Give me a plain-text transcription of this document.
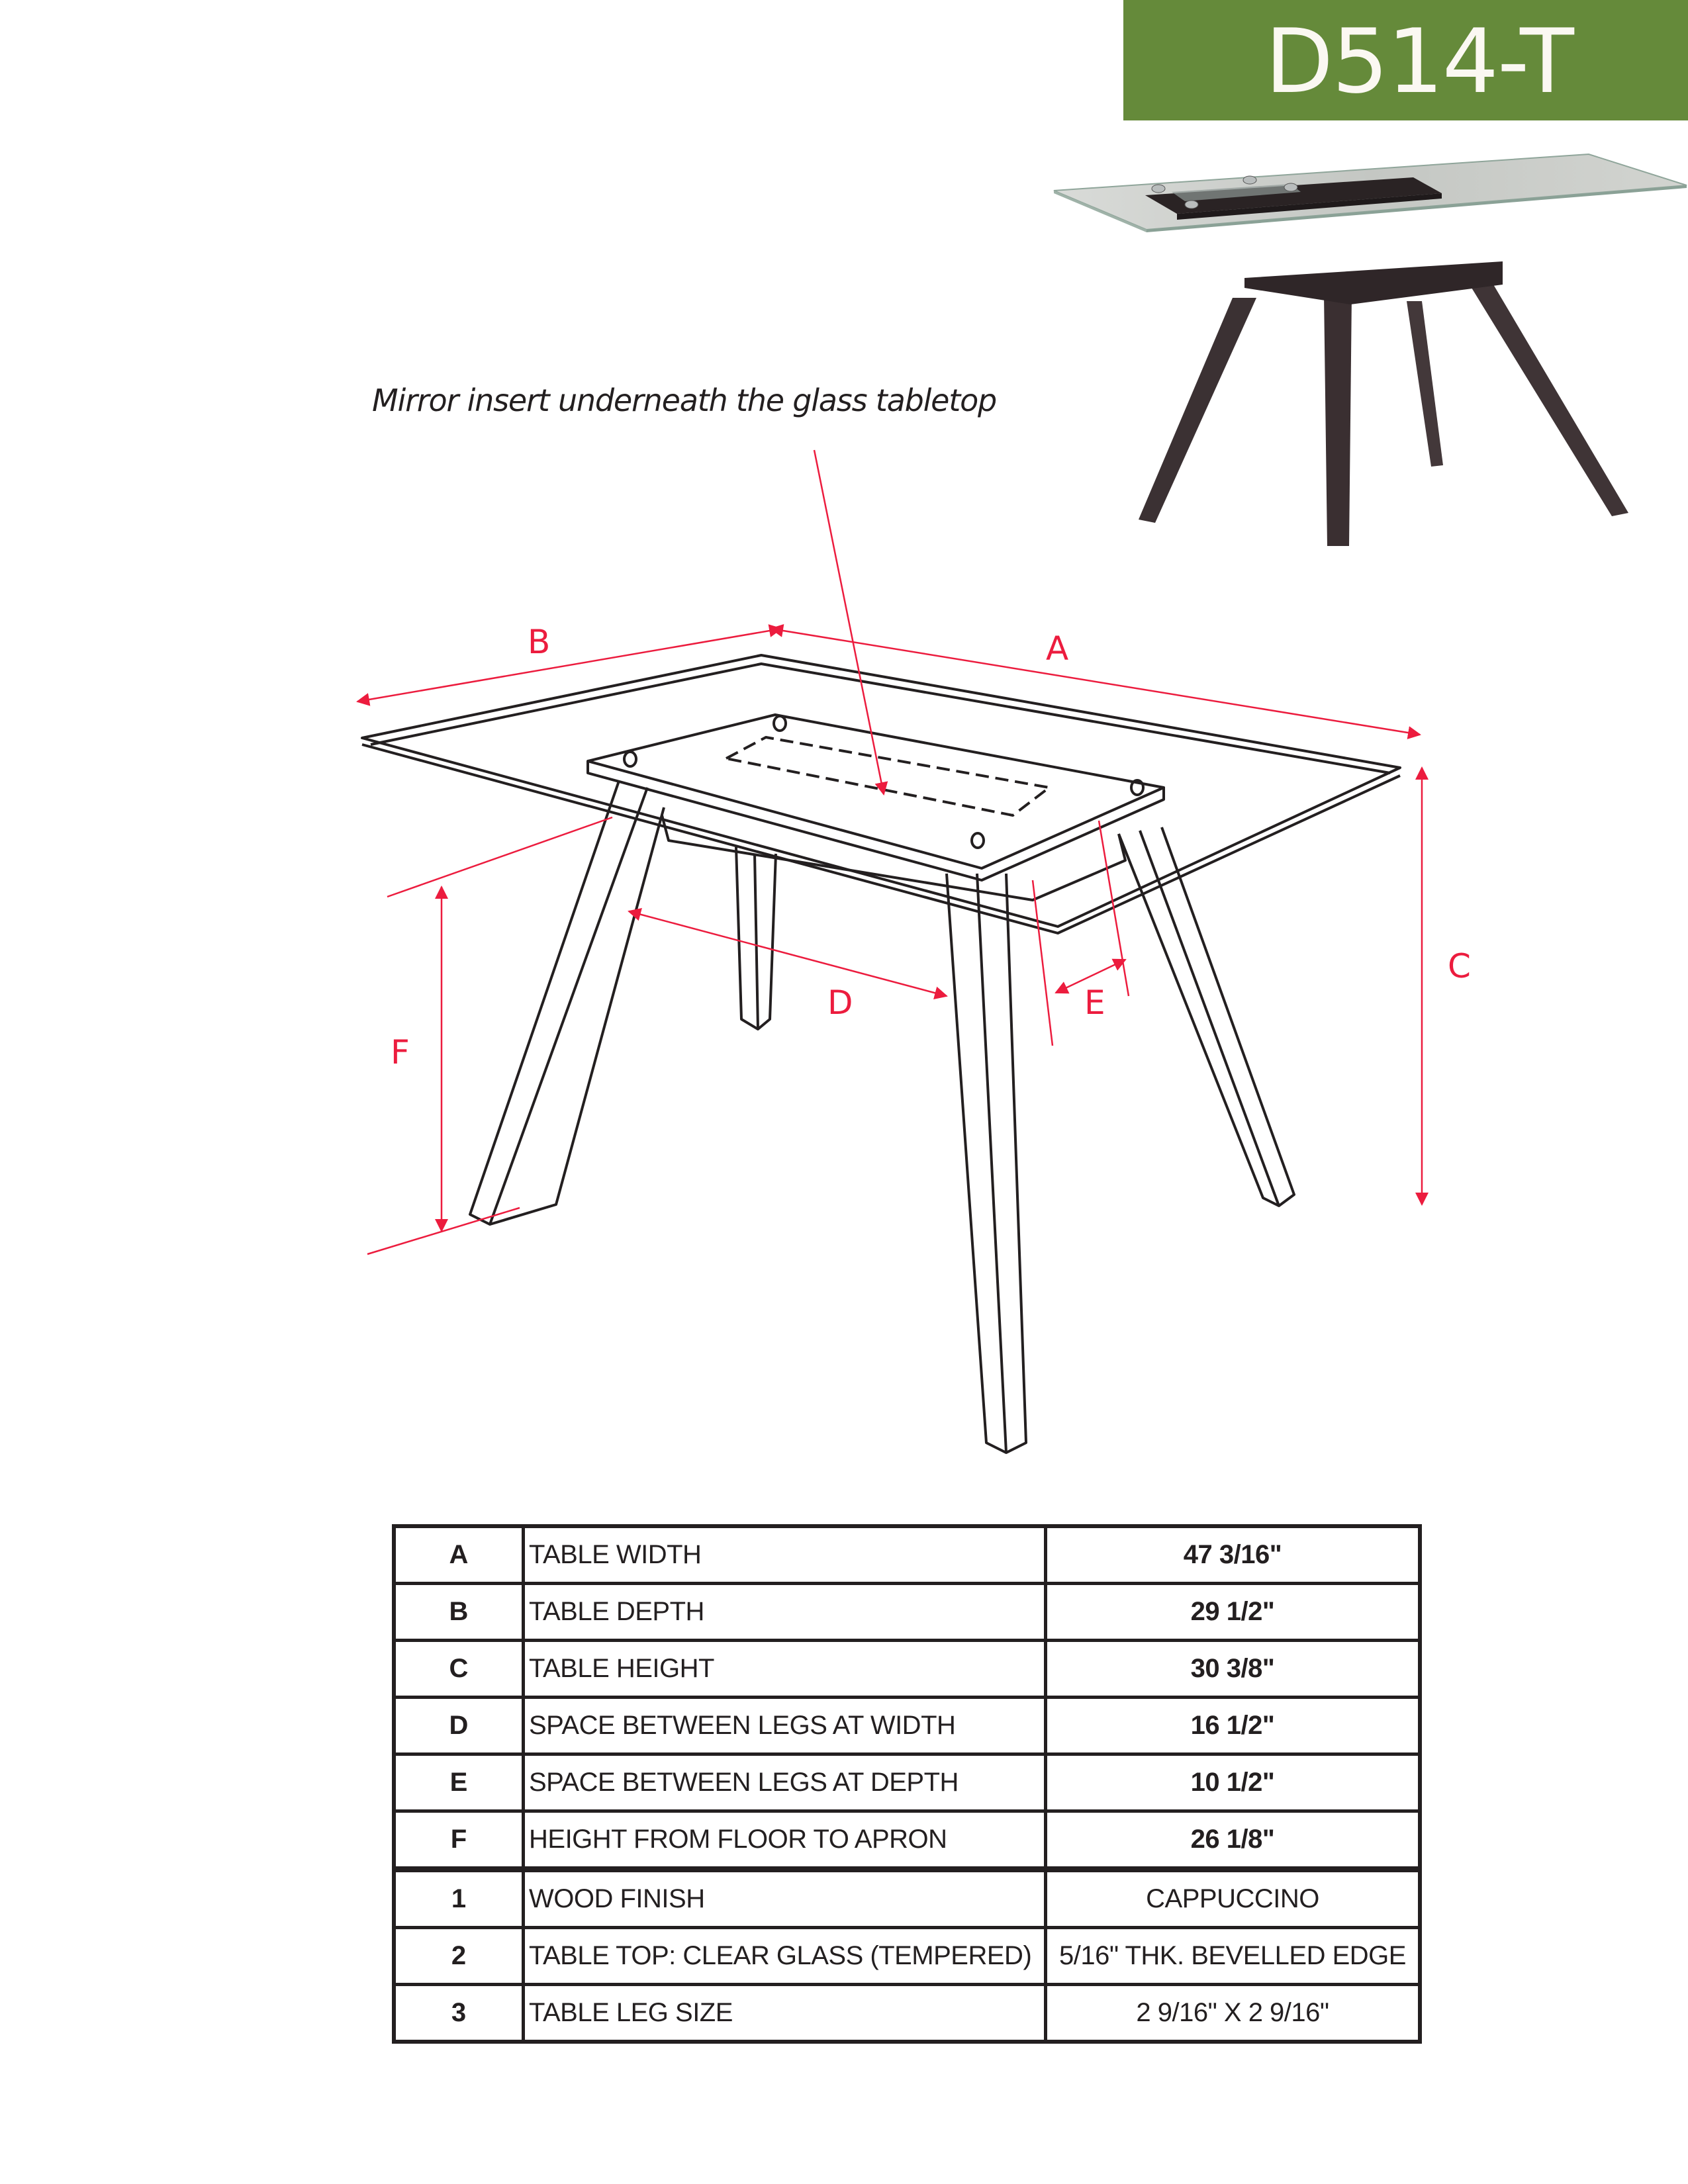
D514-T
Mirror insert underneath the glass tabletop
B	A
C
F
D	E
A	TABLE WIDTH	47 3/16"
B	TABLE DEPTH	29 1/2"
C	TABLE HEIGHT	30 3/8"
D	SPACE BETWEEN LEGS AT WIDTH	16 1/2"
E	SPACE BETWEEN LEGS AT DEPTH	10 1/2"
F	HEIGHT FROM FLOOR TO APRON	26 1/8"
1	WOOD FINISH	CAPPUCCINO
2	TABLE TOP: CLEAR GLASS (TEMPERED)	5/16" THK. BEVELLED EDGE
3	TABLE LEG SIZE	2 9/16" X 2 9/16"
